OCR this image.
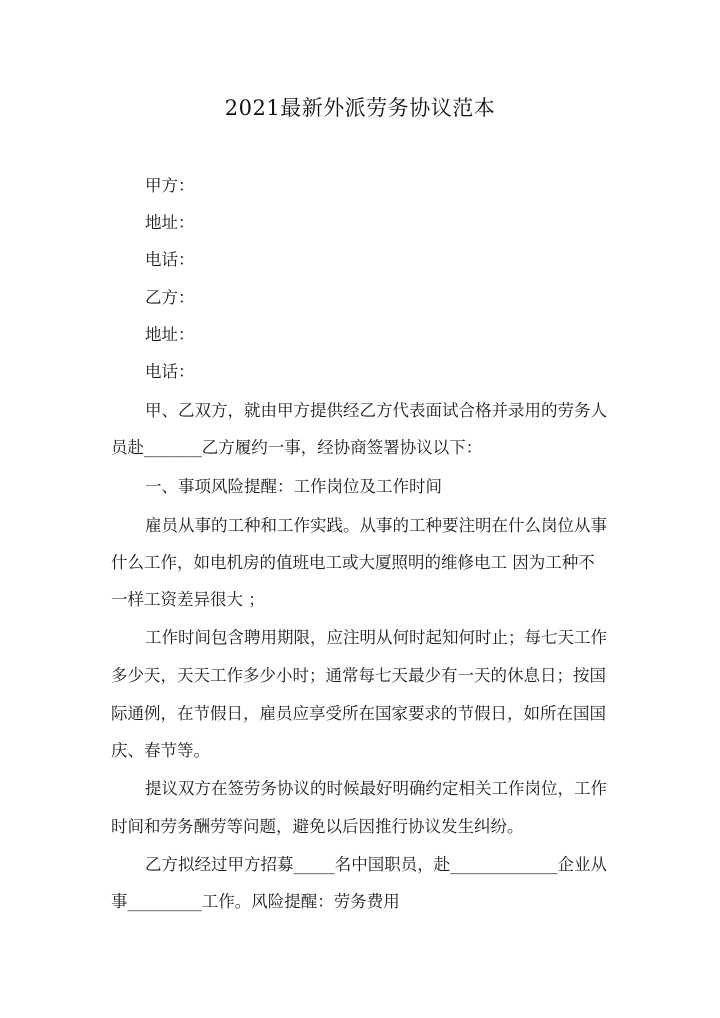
2021最新外派劳务协议范本
甲方：
地址：
电话：
乙方：
地址：
电话：
甲、乙双方，就由甲方提供经乙方代表面试合格并录用的劳务人
员赴_______乙方履约一事，经协商签署协议以下：
一、事项风险提醒：工作岗位及工作时间
雇员从事的工种和工作实践。从事的工种要注明在什么岗位从事
什么工作，如电机房的值班电工或大厦照明的维修电工 因为工种不
一样工资差异很大 ；
工作时间包含聘用期限，应注明从何时起知何时止；每七天工作
多少天，天天工作多少小时；通常每七天最少有一天的休息日；按国
际通例，在节假日，雇员应享受所在国家要求的节假日，如所在国国
庆、春节等。
提议双方在签劳务协议的时候最好明确约定相关工作岗位，工作
时间和劳务酬劳等问题，避免以后因推行协议发生纠纷。
乙方拟经过甲方招募_____名中国职员，赴_____________企业从
事_________工作。风险提醒：劳务费用
